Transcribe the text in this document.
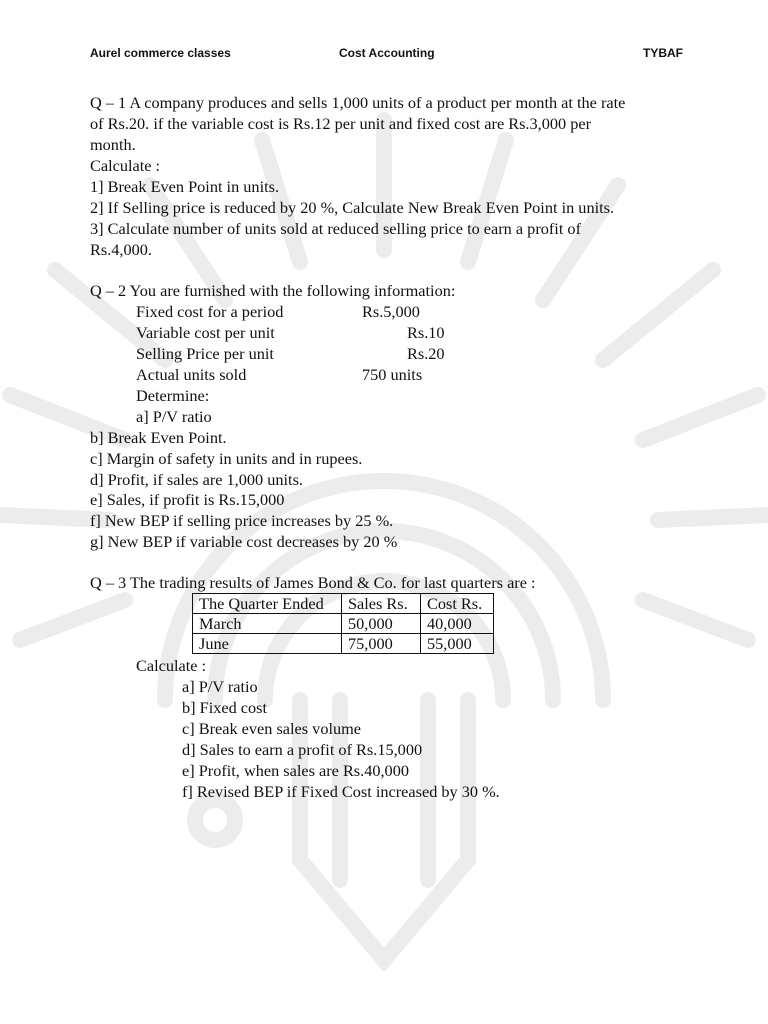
Aurel commerce classes	Cost Accounting	TYBAF
Q – 1 A company produces and sells 1,000 units of a product per month at the rate
of Rs.20. if the variable cost is Rs.12 per unit and fixed cost are Rs.3,000 per
month.
Calculate :
1] Break Even Point in units.
2] If Selling price is reduced by 20 %, Calculate New Break Even Point in units.
3] Calculate number of units sold at reduced selling price to earn a profit of
Rs.4,000.
Q – 2 You are furnished with the following information:
Fixed cost for a period	Rs.5,000
Variable cost per unit	Rs.10
Selling Price per unit	Rs.20
Actual units sold	750 units
Determine:
a] P/V ratio
b] Break Even Point.
c] Margin of safety in units and in rupees.
d] Profit, if sales are 1,000 units.
e] Sales, if profit is Rs.15,000
f] New BEP if selling price increases by 25 %.
g] New BEP if variable cost decreases by 20 %
Q – 3 The trading results of James Bond & Co. for last quarters are :
The Quarter Ended	Sales Rs.	Cost Rs.
March	50,000	40,000
June	75,000	55,000
Calculate :
a] P/V ratio
b] Fixed cost
c] Break even sales volume
d] Sales to earn a profit of Rs.15,000
e] Profit, when sales are Rs.40,000
f] Revised BEP if Fixed Cost increased by 30 %.
